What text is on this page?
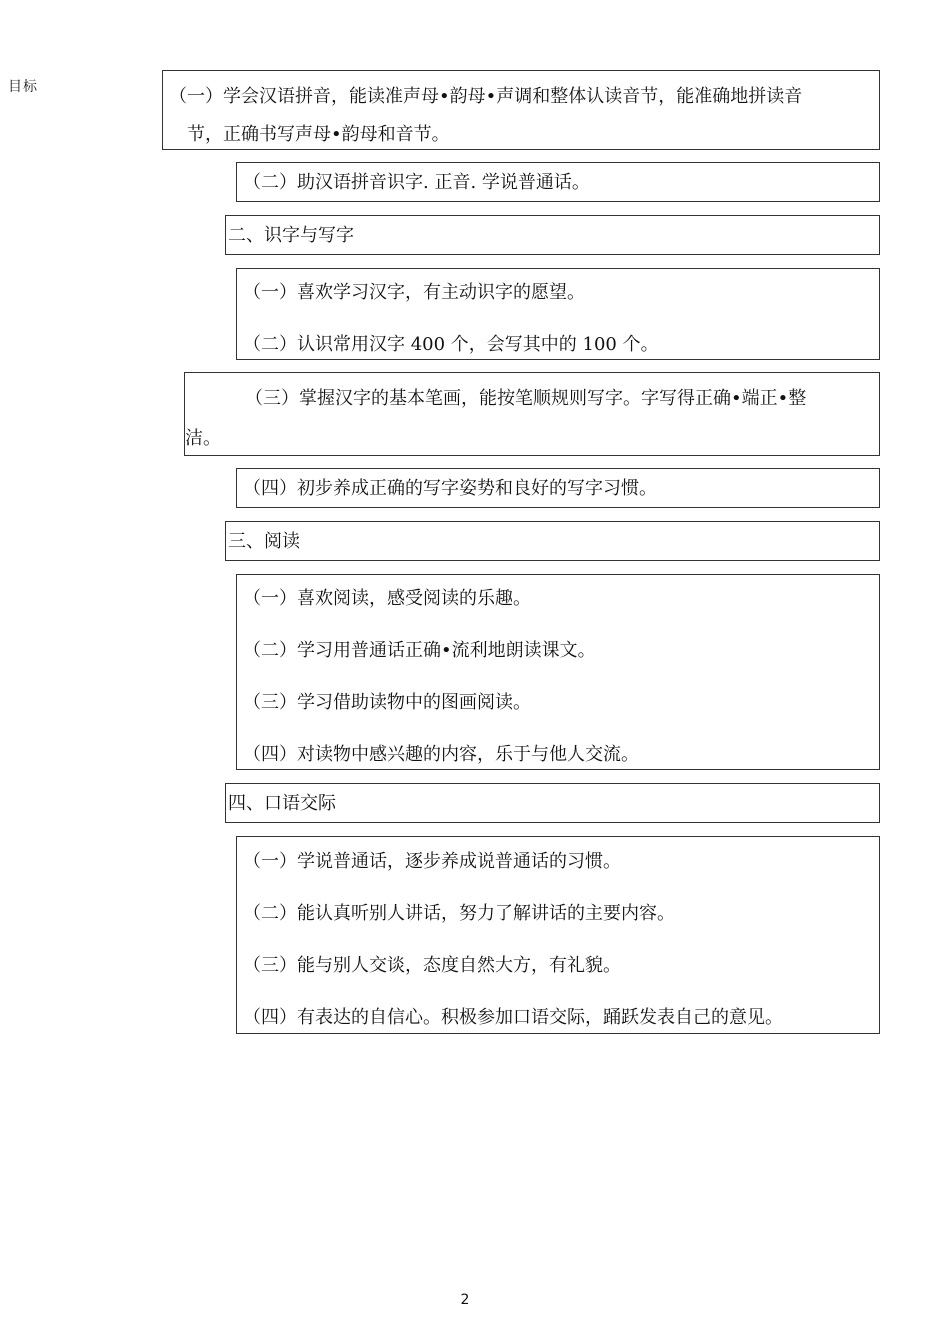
目标	（一）学会汉语拼音，能读准声母•韵母•声调和整体认读音节，能准确地拼读音
节，正确书写声母•韵母和音节。
（二）助汉语拼音识字. 正音. 学说普通话。
二、识字与写字
（一）喜欢学习汉字，有主动识字的愿望。
（二）认识常用汉字 400 个，会写其中的 100 个。
（三）掌握汉字的基本笔画，能按笔顺规则写字。字写得正确•端正•整
洁。
（四）初步养成正确的写字姿势和良好的写字习惯。
三、阅读
（一）喜欢阅读，感受阅读的乐趣。
（二）学习用普通话正确•流利地朗读课文。
（三）学习借助读物中的图画阅读。
（四）对读物中感兴趣的内容，乐于与他人交流。
四、口语交际
（一）学说普通话，逐步养成说普通话的习惯。
（二）能认真听别人讲话，努力了解讲话的主要内容。
（三）能与别人交谈，态度自然大方，有礼貌。
（四）有表达的自信心。积极参加口语交际，踊跃发表自己的意见。
2
